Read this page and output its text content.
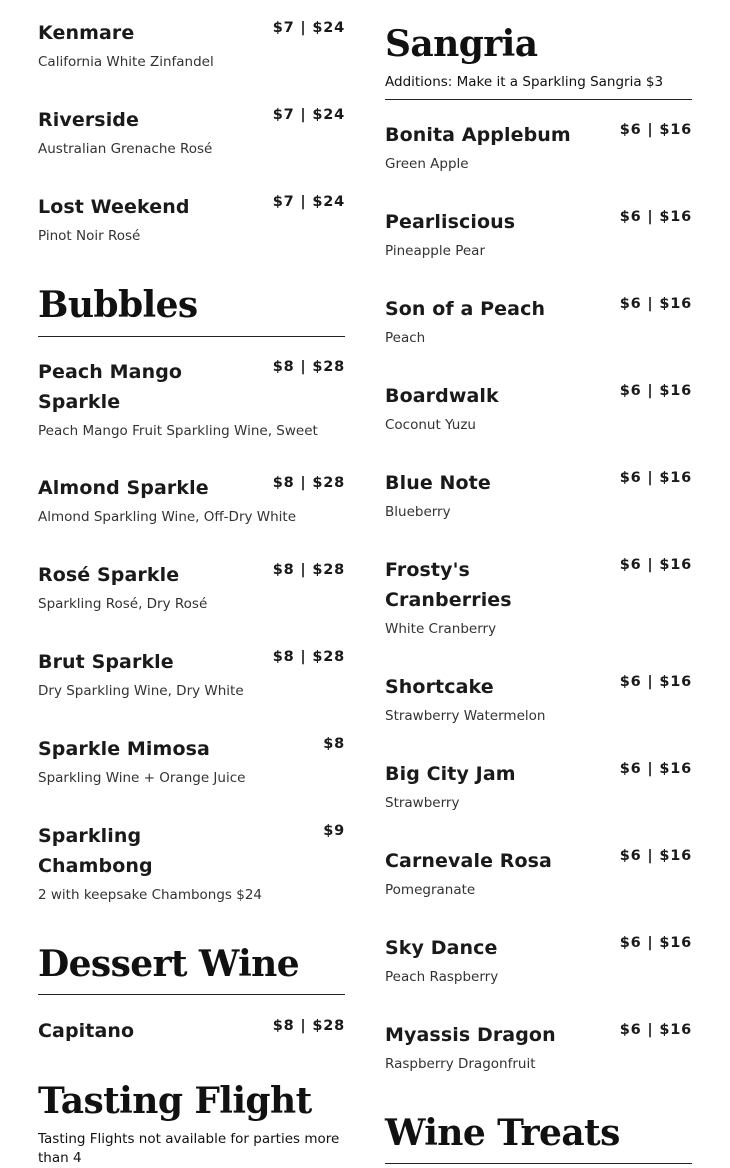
Kenmare	$7 | $24
California White Zinfandel
Riverside	$7 | $24
Australian Grenache Rosé
Lost Weekend	$7 | $24
Pinot Noir Rosé
Bubbles
Peach Mango Sparkle
$8 | $28
Peach Mango Fruit Sparkling Wine, Sweet
Almond Sparkle	$8 | $28
Almond Sparkling Wine, Off-Dry White
Rosé Sparkle	$8 | $28
Sparkling Rosé, Dry Rosé
Brut Sparkle	$8 | $28
Dry Sparkling Wine, Dry White
Sparkle Mimosa	$8
Sparkling Wine + Orange Juice
Sparkling Chambong
$9
2 with keepsake Chambongs $24
Dessert Wine
Capitano	$8 | $28
Tasting Flight
Tasting Flights not available for parties more than 4
Sangria
Additions: Make it a Sparkling Sangria $3
Bonita Applebum	$6 | $16
Green Apple
Pearliscious	$6 | $16
Pineapple Pear
Son of a Peach	$6 | $16
Peach
Boardwalk	$6 | $16
Coconut Yuzu
Blue Note	$6 | $16
Blueberry
Frosty's Cranberries
$6 | $16
White Cranberry
Shortcake	$6 | $16
Strawberry Watermelon
Big City Jam	$6 | $16
Strawberry
Carnevale Rosa	$6 | $16
Pomegranate
Sky Dance	$6 | $16
Peach Raspberry
Myassis Dragon	$6 | $16
Raspberry Dragonfruit
Wine Treats
